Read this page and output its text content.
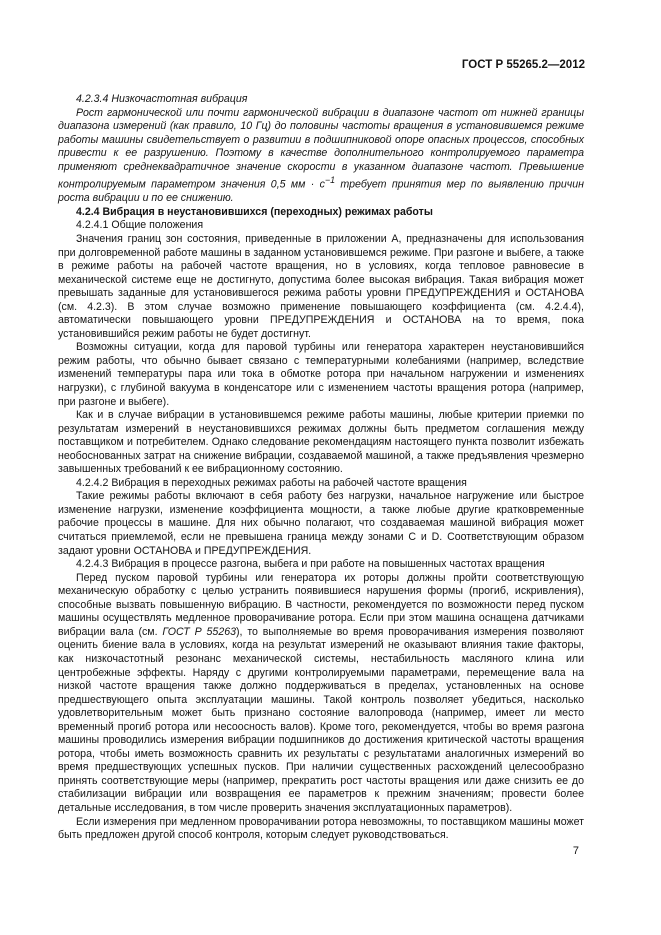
ГОСТ Р 55265.2—2012

4.2.3.4 Низкочастотная вибрация

Рост гармонической или почти гармонической вибрации в диапазоне частот от нижней границы диапазона измерений (как правило, 10 Гц) до половины частоты вращения в установившемся режиме работы машины свидетельствует о развитии в подшипниковой опоре опасных процессов, способных привести к ее разрушению. Поэтому в качестве дополнительного контролируемого параметра применяют среднеквадратичное значение скорости в указанном диапазоне частот. Превышение контролируемым параметром значения 0,5 мм · $с^{-1}$ требует принятия мер по выявлению причин роста вибрации и по ее снижению.

4.2.4 Вибрация в неустановившихся (переходных) режимах работы

4.2.4.1 Общие положения

Значения границ зон состояния, приведенные в приложении А, предназначены для использования при долговременной работе машины в заданном установившемся режиме. При разгоне и выбеге, а также в режиме работы на рабочей частоте вращения, но в условиях, когда тепловое равновесие в механической системе еще не достигнуто, допустима более высокая вибрация. Такая вибрация может превышать заданные для установившегося режима работы уровни ПРЕДУПРЕЖДЕНИЯ и ОСТАНОВА (см. 4.2.3). В этом случае возможно применение повышающего коэффициента (см. 4.2.4.4), автоматически повышающего уровни ПРЕДУПРЕЖДЕНИЯ и ОСТАНОВА на то время, пока установившийся режим работы не будет достигнут.

Возможны ситуации, когда для паровой турбины или генератора характерен неустановившийся режим работы, что обычно бывает связано с температурными колебаниями (например, вследствие изменений температуры пара или тока в обмотке ротора при начальном нагружении и изменениях нагрузки), с глубиной вакуума в конденсаторе или с изменением частоты вращения ротора (например, при разгоне и выбеге).

Как и в случае вибрации в установившемся режиме работы машины, любые критерии приемки по результатам измерений в неустановившихся режимах должны быть предметом соглашения между поставщиком и потребителем. Однако следование рекомендациям настоящего пункта позволит избежать необоснованных затрат на снижение вибрации, создаваемой машиной, а также предъявления чрезмерно завышенных требований к ее вибрационному состоянию.

4.2.4.2 Вибрация в переходных режимах работы на рабочей частоте вращения

Такие режимы работы включают в себя работу без нагрузки, начальное нагружение или быстрое изменение нагрузки, изменение коэффициента мощности, а также любые другие кратковременные рабочие процессы в машине. Для них обычно полагают, что создаваемая машиной вибрация может считаться приемлемой, если не превышена граница между зонами С и D. Соответствующим образом задают уровни ОСТАНОВА и ПРЕДУПРЕЖДЕНИЯ.

4.2.4.3 Вибрация в процессе разгона, выбега и при работе на повышенных частотах вращения

Перед пуском паровой турбины или генератора их роторы должны пройти соответствующую механическую обработку с целью устранить появившиеся нарушения формы (прогиб, искривления), способные вызвать повышенную вибрацию. В частности, рекомендуется по возможности перед пуском машины осуществлять медленное проворачивание ротора. Если при этом машина оснащена датчиками вибрации вала (см. ГОСТ Р 55263), то выполняемые во время проворачивания измерения позволяют оценить биение вала в условиях, когда на результат измерений не оказывают влияния такие факторы, как низкочастотный резонанс механической системы, нестабильность масляного клина или центробежные эффекты. Наряду с другими контролируемыми параметрами, перемещение вала на низкой частоте вращения также должно поддерживаться в пределах, установленных на основе предшествующего опыта эксплуатации машины. Такой контроль позволяет убедиться, насколько удовлетворительным может быть признано состояние валопровода (например, имеет ли место временный прогиб ротора или несоосность валов). Кроме того, рекомендуется, чтобы во время разгона машины проводились измерения вибрации подшипников до достижения критической частоты вращения ротора, чтобы иметь возможность сравнить их результаты с результатами аналогичных измерений во время предшествующих успешных пусков. При наличии существенных расхождений целесообразно принять соответствующие меры (например, прекратить рост частоты вращения или даже снизить ее до стабилизации вибрации или возвращения ее параметров к прежним значениям; провести более детальные исследования, в том числе проверить значения эксплуатационных параметров).

Если измерения при медленном проворачивании ротора невозможны, то поставщиком машины может быть предложен другой способ контроля, которым следует руководствоваться.

7
